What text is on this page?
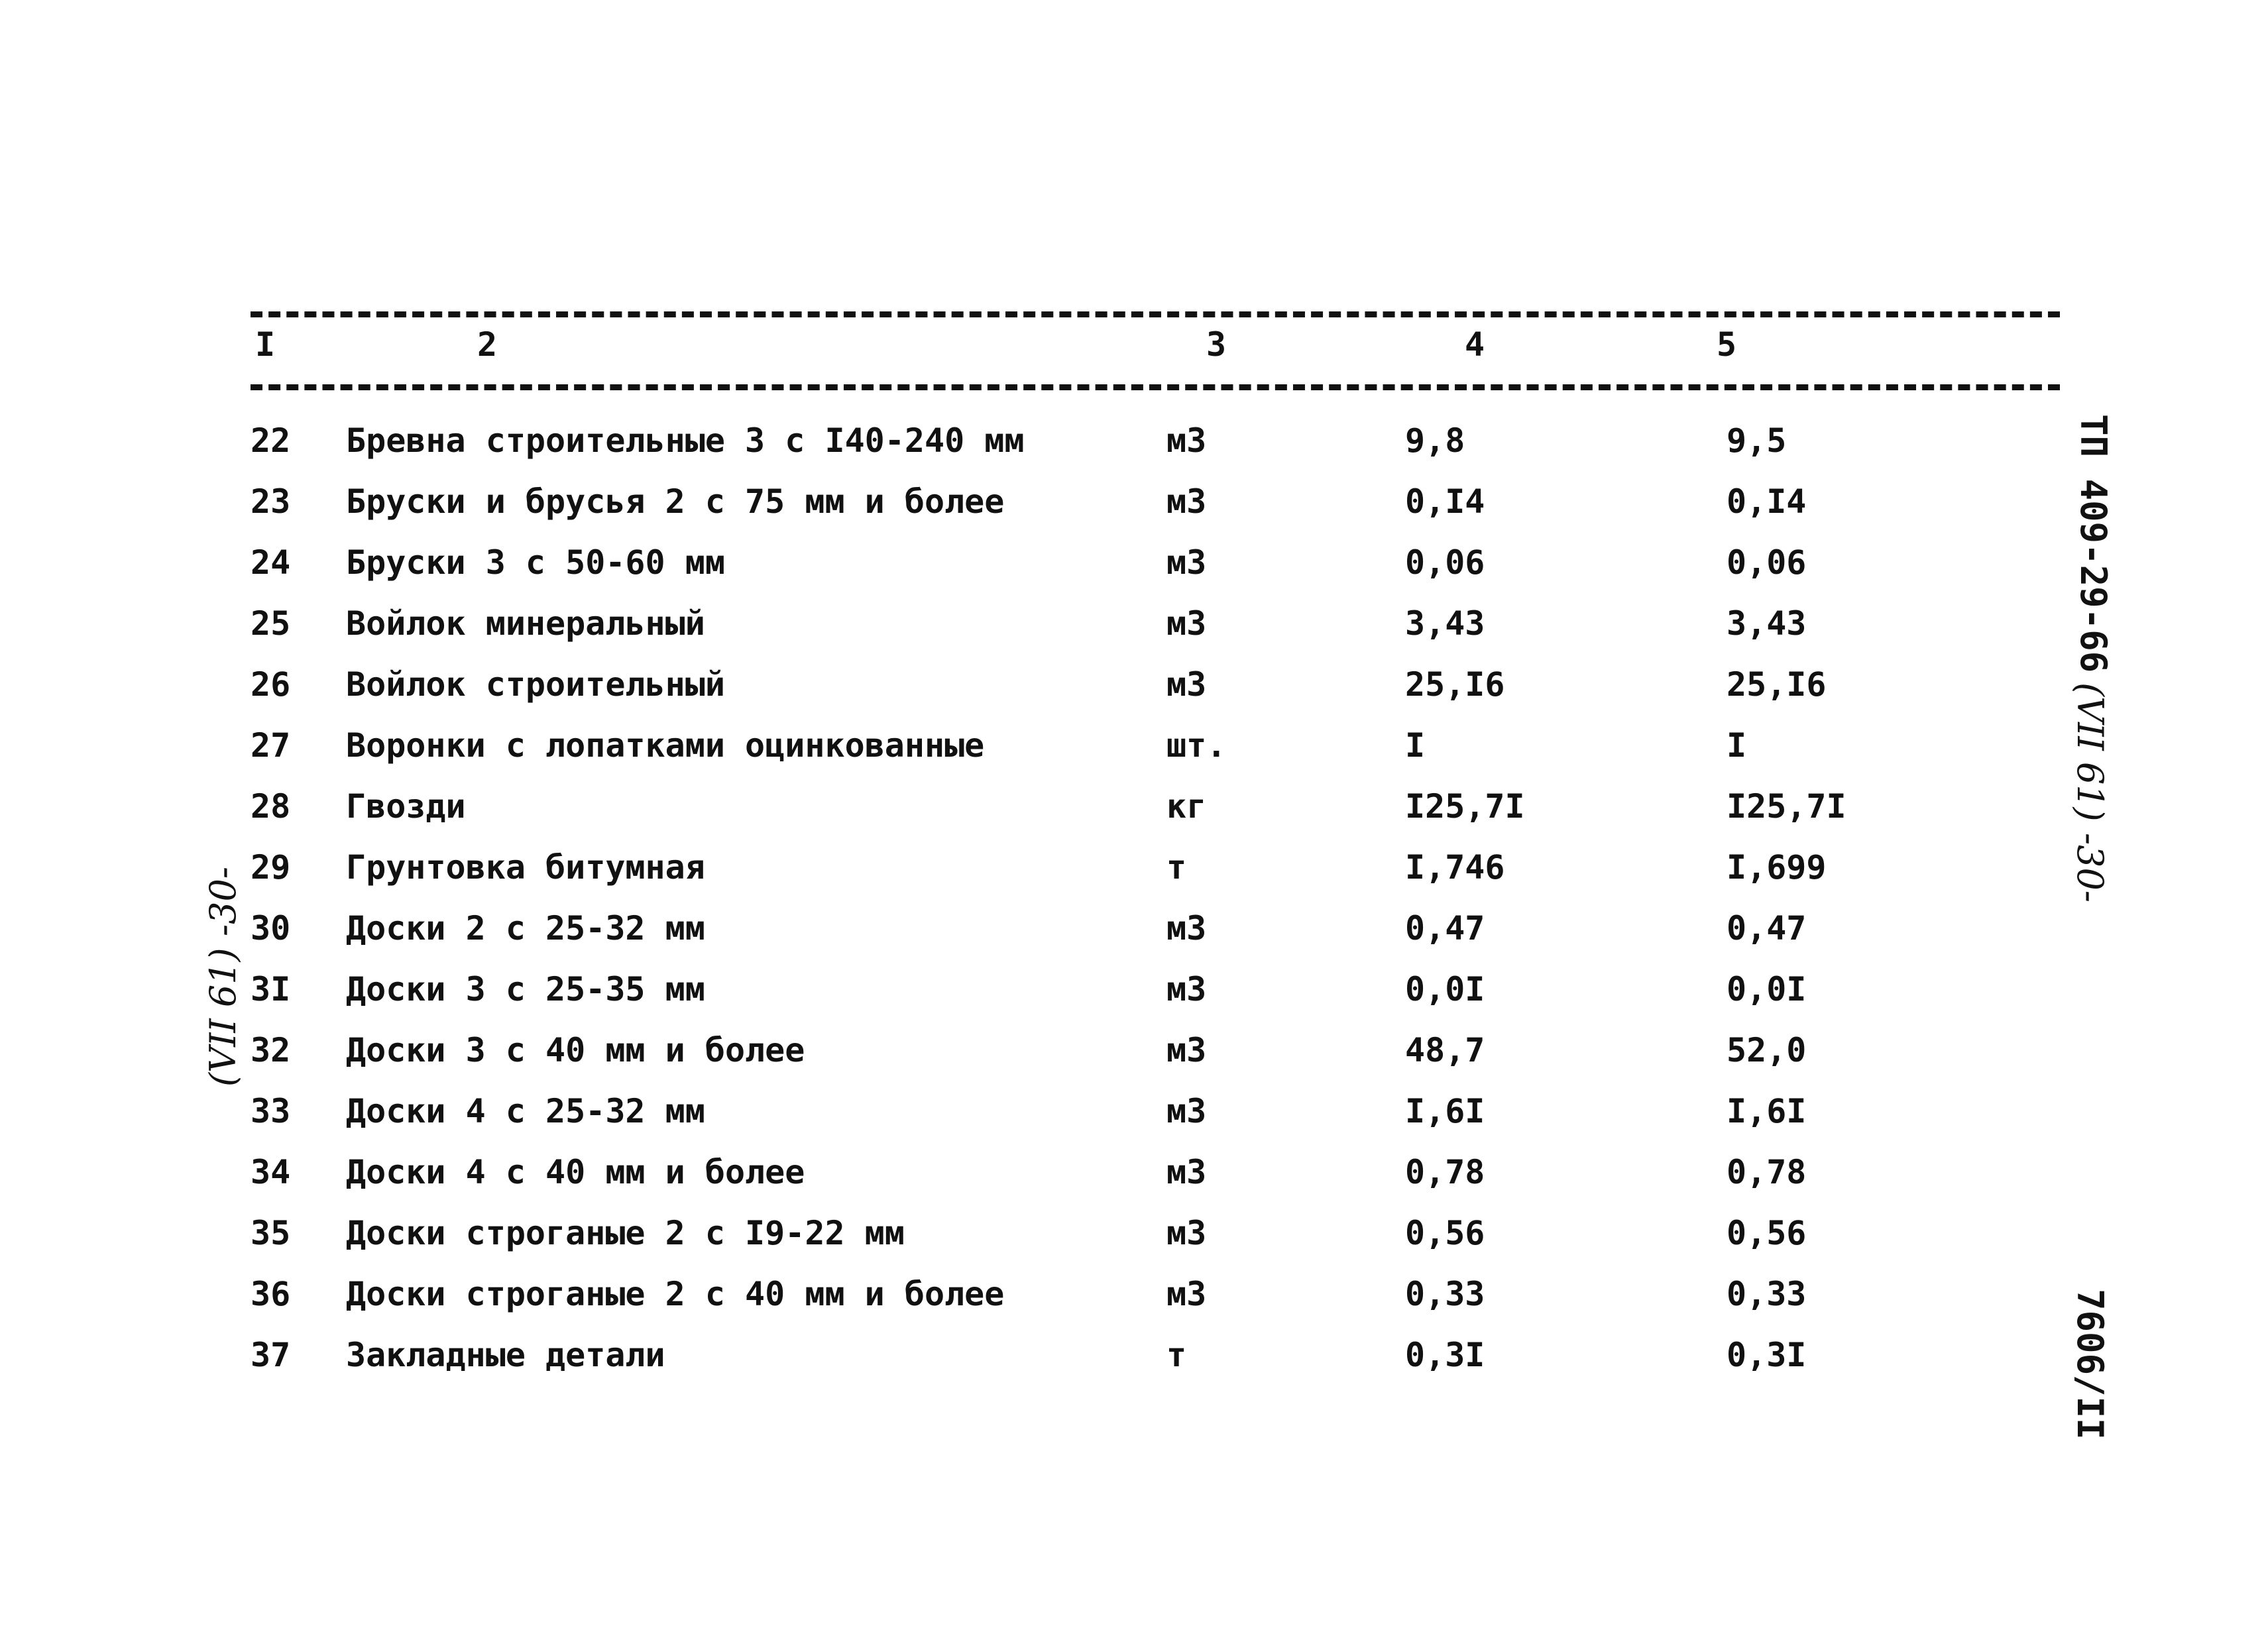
I	2	3	4	5
22 Бревна строительные 3 с I40-240 мм	м3	9,8	9,5
23 Бруски и брусья 2 с 75 мм и более	м3	0,I4	0,I4
24 Бруски 3 с 50-60 мм	м3	0,06	0,06
25 Войлок минеральный	м3	3,43	3,43
26 Войлок строительный	м3	25,I6	25,I6
27 Воронки с лопатками оцинкованные	шт.	I	I
28 Гвозди	кг	I25,7I	I25,7I
29 Грунтовка битумная	т	I,746	I,699
30 Доски 2 с 25-32 мм	м3	0,47	0,47
3I Доски 3 с 25-35 мм	м3	0,0I	0,0I
32 Доски 3 с 40 мм и более	м3	48,7	52,0
33 Доски 4 с 25-32 мм	м3	I,6I	I,6I
34 Доски 4 с 40 мм и более	м3	0,78	0,78
35 Доски строганые 2 с I9-22 мм	м3	0,56	0,56
36 Доски строганые 2 с 40 мм и более	м3	0,33	0,33
37 Закладные детали	т	0,3I	0,3I
ТП 409-29-66
(VII 61) -30-
7606/II
(VII 61) -30-
